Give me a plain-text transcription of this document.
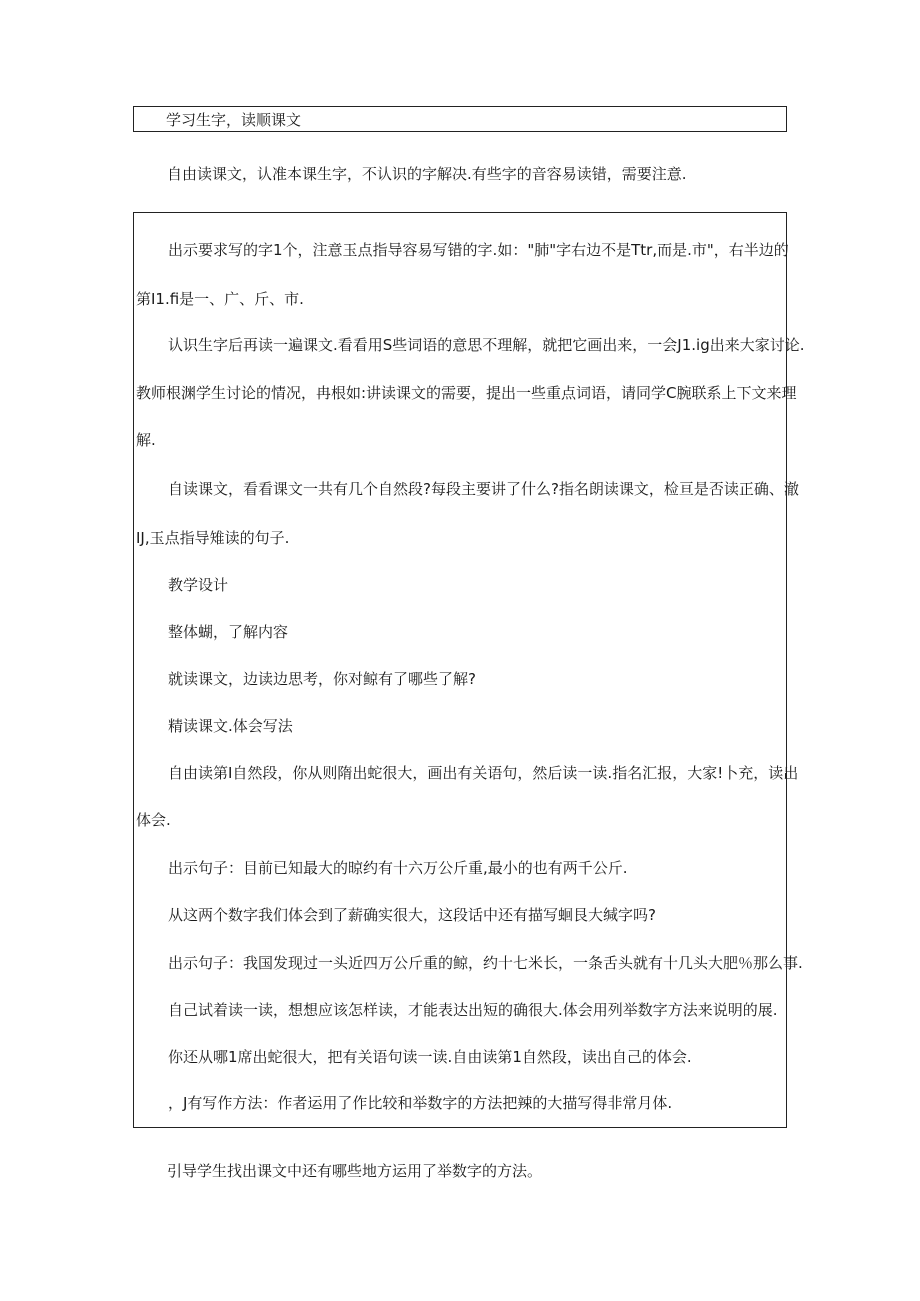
学习生字，读顺课文
自由读课文，认准本课生字，不认识的字解决.有些字的音容易读错，需要注意.
出示要求写的字1个，注意玉点指导容易写错的字.如："肺"字右边不是Ttr,而是.市"，右半边的
第I1.fi是一、广、斤、市.
认识生字后再读一遍课文.看看用S些词语的意思不理解，就把它画出来，一会J1.ig出来大家讨论.
教师根渊学生讨论的情况，冉根如:讲读课文的需要，提出一些重点词语，请同学C腕联系上下文来理
解.
自读课文，看看课文一共有几个自然段?每段主要讲了什么?指名朗读课文，检亘是否读正确、澈
IJ,玉点指导雉读的句子.
教学设计
整体蝴，了解内容
就读课文，边读边思考，你对鲸有了哪些了解?
精读课文.体会写法
自由读第I自然段，你从则隋出蛇很大，画出有关语句，然后读一读.指名汇报，大家!卜充，读出
体会.
出示句子：目前已知最大的晾约有十六万公斤重,最小的也有两千公斤.
从这两个数字我们体会到了薪确实很大，这段话中还有描写蛔艮大缄字吗?
出示句子：我国发现过一头近四万公斤重的鲸，约十七米长，一条舌头就有十几头大肥％那么事.
自己试着读一读，想想应该怎样读，才能表达出短的确很大.体会用列举数字方法来说明的展.
你还从哪1席出蛇很大，把有关语句读一读.自由读第1自然段，读出自己的体会.
，J有写作方法：作者运用了作比较和举数字的方法把辣的大描写得非常月体.
引导学生找出课文中还有哪些地方运用了举数字的方法。
